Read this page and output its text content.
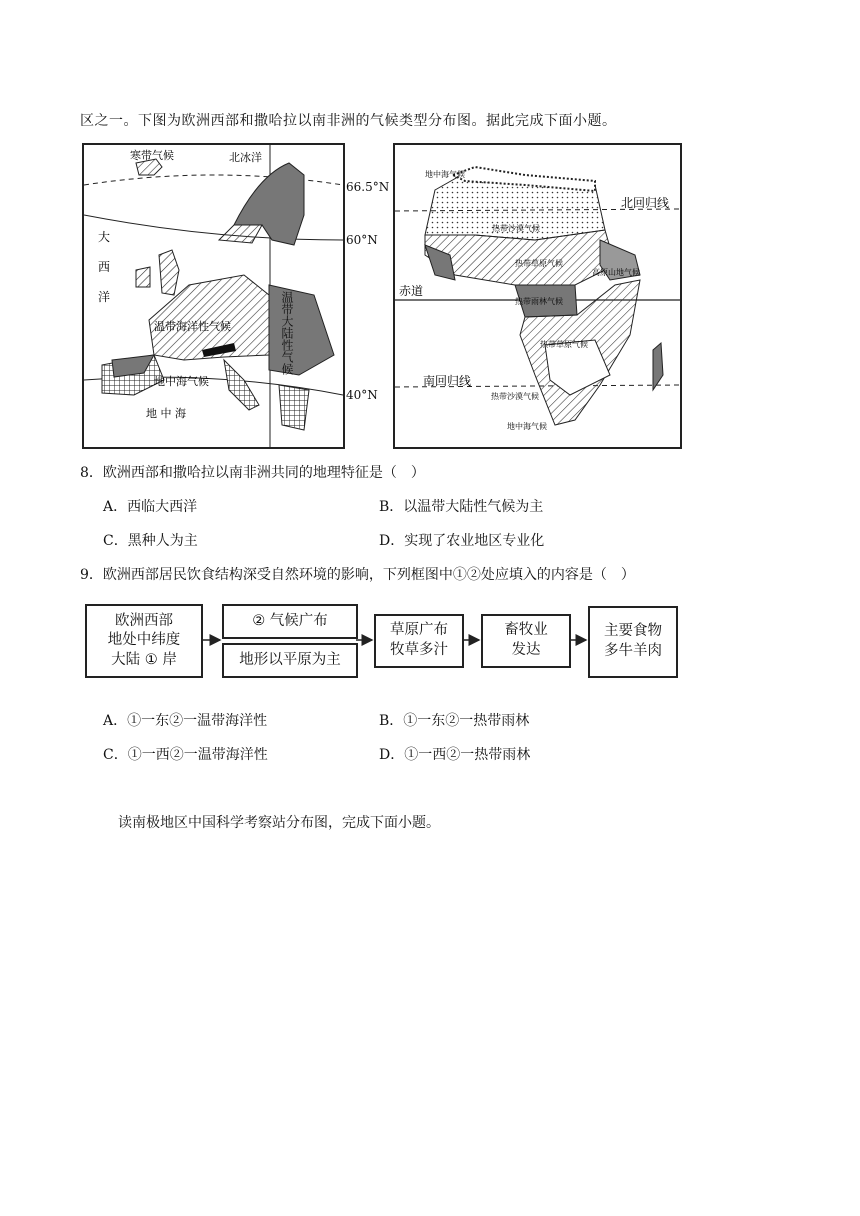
区之一。下图为欧洲西部和撒哈拉以南非洲的气候类型分布图。据此完成下面小题。
寒带气候	北冰洋
大
西
洋
温带海洋性气候
地中海气候
地 中 海
温带大陆性气候
66.5°N
60°N
40°N
地中海气候
热带沙漠气候
热带草原气候
高原山地气候
热带雨林气候
热带草原气候
热带沙漠气候
地中海气候
北回归线
赤道
南回归线
8．欧洲西部和撒哈拉以南非洲共同的地理特征是（　）
A．西临大西洋	B．以温带大陆性气候为主
C．黑种人为主	D．实现了农业地区专业化
9．欧洲西部居民饮食结构深受自然环境的影响，下列框图中①②处应填入的内容是（　）
欧洲西部
地处中纬度
大陆 ① 岸
② 气候广布
地形以平原为主
草原广布
牧草多汁
畜牧业
发达
主要食物
多牛羊肉
A．①一东②一温带海洋性	B．①一东②一热带雨林
C．①一西②一温带海洋性	D．①一西②一热带雨林
读南极地区中国科学考察站分布图，完成下面小题。
